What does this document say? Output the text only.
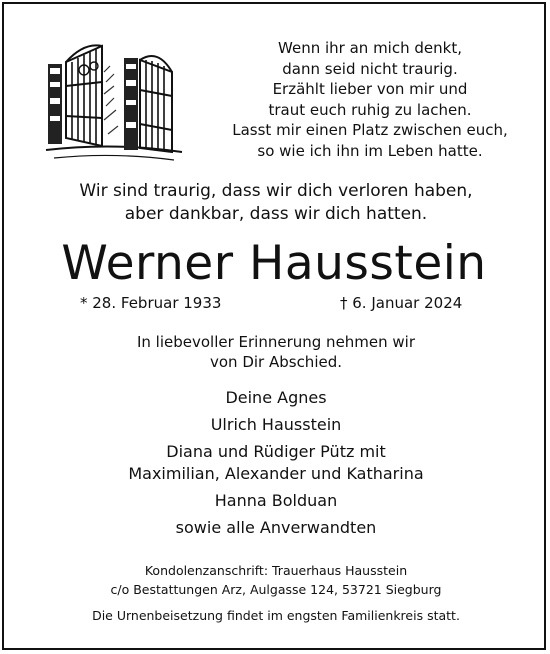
Wenn ihr an mich denkt,
dann seid nicht traurig.
Erzählt lieber von mir und
traut euch ruhig zu lachen.
Lasst mir einen Platz zwischen euch,
so wie ich ihn im Leben hatte.
Wir sind traurig, dass wir dich verloren haben,
aber dankbar, dass wir dich hatten.
Werner Hausstein
* 28. Februar 1933	† 6. Januar 2024
In liebevoller Erinnerung nehmen wir
von Dir Abschied.
Deine Agnes
Ulrich Hausstein
Diana und Rüdiger Pütz mit
Maximilian, Alexander und Katharina
Hanna Bolduan
sowie alle Anverwandten
Kondolenzanschrift: Trauerhaus Hausstein
c/o Bestattungen Arz, Aulgasse 124, 53721 Siegburg
Die Urnenbeisetzung findet im engsten Familienkreis statt.
